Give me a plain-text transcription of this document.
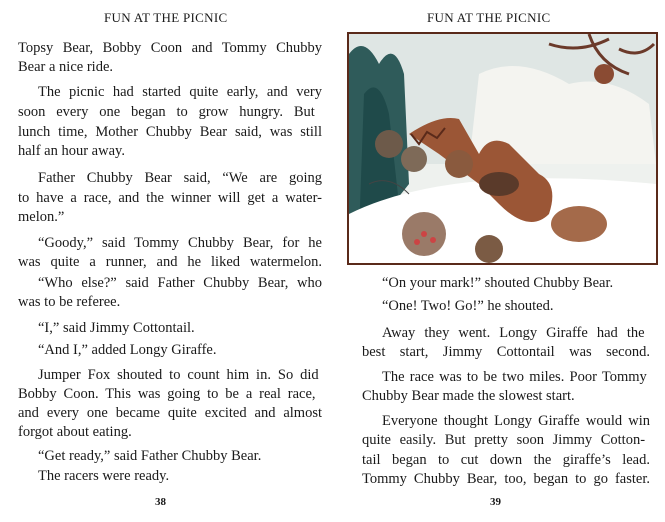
FUN AT THE PICNIC
Topsy Bear, Bobby Coon and Tommy Chubby
Bear a nice ride.
The picnic had started quite early, and very
soon every one began to grow hungry. But
lunch time, Mother Chubby Bear said, was still
half an hour away.
Father Chubby Bear said, “We are going
to have a race, and the winner will get a water-
melon.”
“Goody,” said Tommy Chubby Bear, for he
was quite a runner, and he liked watermelon.
“Who else?” said Father Chubby Bear, who
was to be referee.
“I,” said Jimmy Cottontail.
“And I,” added Longy Giraffe.
Jumper Fox shouted to count him in. So did
Bobby Coon. This was going to be a real race,
and every one became quite excited and almost
forgot about eating.
“Get ready,” said Father Chubby Bear.
The racers were ready.
38
FUN AT THE PICNIC
“On your mark!” shouted Chubby Bear.
“One! Two! Go!” he shouted.
Away they went. Longy Giraffe had the
best start, Jimmy Cottontail was second.
The race was to be two miles. Poor Tommy
Chubby Bear made the slowest start.
Everyone thought Longy Giraffe would win
quite easily. But pretty soon Jimmy Cotton-
tail began to cut down the giraffe’s lead.
Tommy Chubby Bear, too, began to go faster.
39
